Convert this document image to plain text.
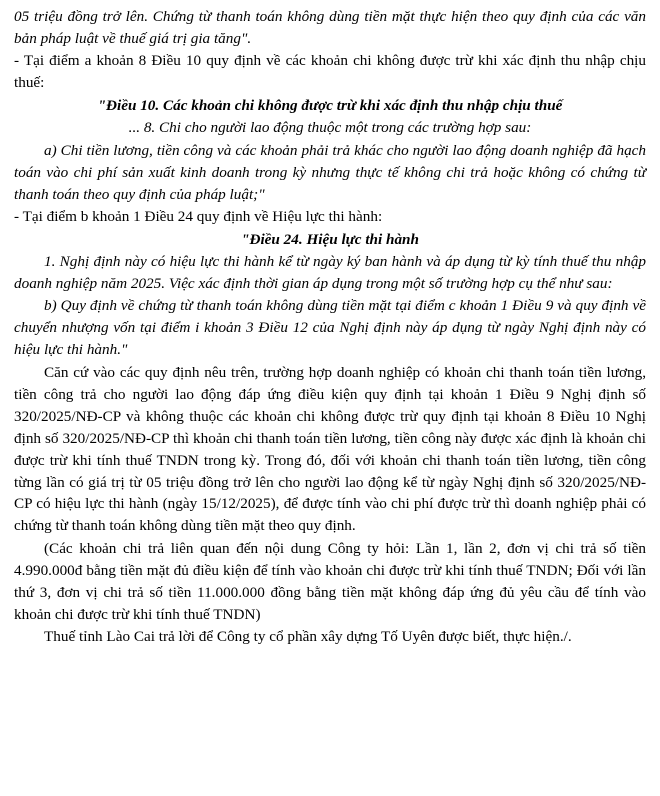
05 triệu đồng trở lên. Chứng từ thanh toán không dùng tiền mặt thực hiện theo quy định của các văn bản pháp luật về thuế giá trị gia tăng".

- Tại điểm a khoản 8 Điều 10 quy định về các khoản chi không được trừ khi xác định thu nhập chịu thuế:

"Điều 10. Các khoản chi không được trừ khi xác định thu nhập chịu thuế

... 8. Chi cho người lao động thuộc một trong các trường hợp sau:

a) Chi tiền lương, tiền công và các khoản phải trả khác cho người lao động doanh nghiệp đã hạch toán vào chi phí sản xuất kinh doanh trong kỳ nhưng thực tế không chi trả hoặc không có chứng từ thanh toán theo quy định của pháp luật;"

- Tại điểm b khoản 1 Điều 24 quy định về Hiệu lực thi hành:

"Điều 24. Hiệu lực thi hành

1. Nghị định này có hiệu lực thi hành kể từ ngày ký ban hành và áp dụng từ kỳ tính thuế thu nhập doanh nghiệp năm 2025. Việc xác định thời gian áp dụng trong một số trường hợp cụ thể như sau:

b) Quy định về chứng từ thanh toán không dùng tiền mặt tại điểm c khoản 1 Điều 9 và quy định về chuyển nhượng vốn tại điểm i khoản 3 Điều 12 của Nghị định này áp dụng từ ngày Nghị định này có hiệu lực thi hành."

Căn cứ vào các quy định nêu trên, trường hợp doanh nghiệp có khoản chi thanh toán tiền lương, tiền công trả cho người lao động đáp ứng điều kiện quy định tại khoản 1 Điều 9 Nghị định số 320/2025/NĐ-CP và không thuộc các khoản chi không được trừ quy định tại khoản 8 Điều 10 Nghị định số 320/2025/NĐ-CP thì khoản chi thanh toán tiền lương, tiền công này được xác định là khoản chi được trừ khi tính thuế TNDN trong kỳ. Trong đó, đối với khoản chi thanh toán tiền lương, tiền công từng lần có giá trị từ 05 triệu đồng trở lên cho người lao động kể từ ngày Nghị định số 320/2025/NĐ-CP có hiệu lực thi hành (ngày 15/12/2025), để được tính vào chi phí được trừ thì doanh nghiệp phải có chứng từ thanh toán không dùng tiền mặt theo quy định.

(Các khoản chi trả liên quan đến nội dung Công ty hỏi: Lần 1, lần 2, đơn vị chi trả số tiền 4.990.000đ bằng tiền mặt đủ điều kiện để tính vào khoản chi được trừ khi tính thuế TNDN; Đối với lần thứ 3, đơn vị chi trả số tiền 11.000.000 đồng bằng tiền mặt không đáp ứng đủ yêu cầu để tính vào khoản chi được trừ khi tính thuế TNDN)

Thuế tỉnh Lào Cai trả lời để Công ty cổ phần xây dựng Tố Uyên được biết, thực hiện./.
